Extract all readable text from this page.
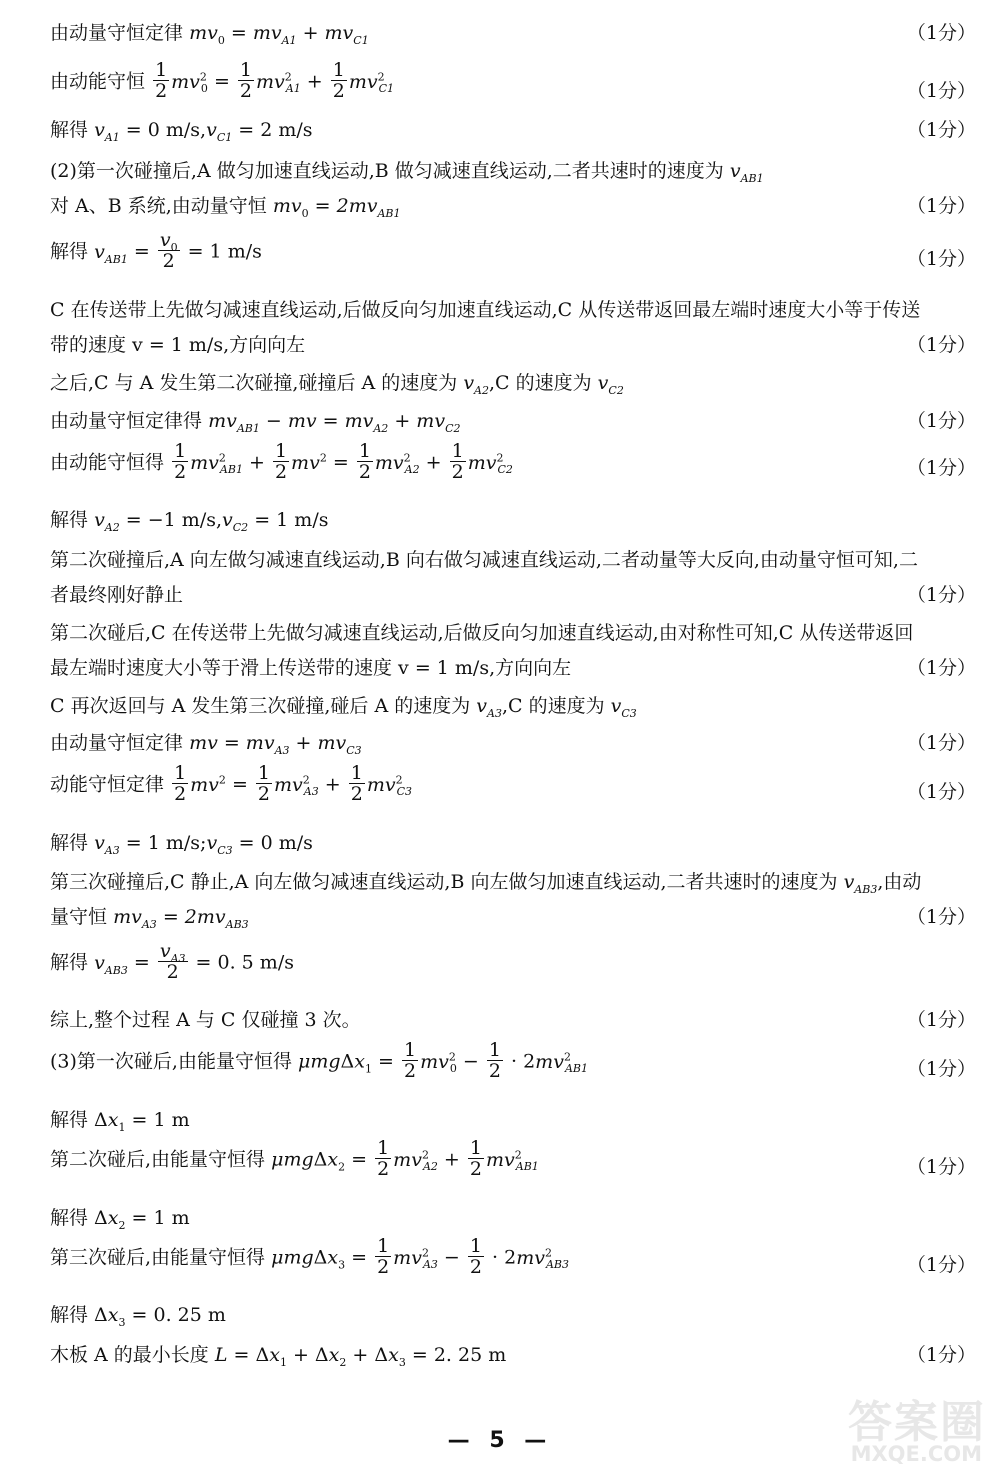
由动量守恒定律 $mv_0 = mv_{A1} + mv_{C1}$	（1分）
由动能守恒 $\frac{1}{2} mv^2_0 = \frac{1}{2} mv^2_{A1} + \frac{1}{2} mv^2_{C1}$	（1分）
解得 $v_{A1} = 0$ $m/s,v_{C1} = 2$ m/s	（1分）
(2)第一次碰撞后,A 做匀加速直线运动,B 做匀减速直线运动,二者共速时的速度为 $v_{AB1}$
对 A、B 系统,由动量守恒 $mv_0 = 2mv_{AB1}$	（1分）
解得 $v_{AB1} = \frac{v_0}{2} = 1$ m/s	（1分）
C 在传送带上先做匀减速直线运动,后做反向匀加速直线运动,C 从传送带返回最左端时速度大小等于传送
带的速度 v = 1 m/s,方向向左	（1分）
之后,C 与 A 发生第二次碰撞,碰撞后 A 的速度为 $v_{A2},C$ 的速度为 $v_{C2}$
由动量守恒定律得 $mv_{AB1}$ − mv = $mv_{A2} + mv_{C2}$	（1分）
由动能守恒得 $\frac{1}{2} mv^2_{AB1} + \frac{1}{2} mv^2 = \frac{1}{2} mv^2_{A2} + \frac{1}{2} mv^2_{C2}$	（1分）
解得 $v_{A2} = -1$ $m/s,v_{C2} = 1$ m/s
第二次碰撞后,A 向左做匀减速直线运动,B 向右做匀减速直线运动,二者动量等大反向,由动量守恒可知,二
者最终刚好静止	（1分）
第二次碰后,C 在传送带上先做匀减速直线运动,后做反向匀加速直线运动,由对称性可知,C 从传送带返回
最左端时速度大小等于滑上传送带的速度 v = 1 m/s,方向向左	（1分）
C 再次返回与 A 发生第三次碰撞,碰后 A 的速度为 $v_{A3},C$ 的速度为 $v_{C3}$
由动量守恒定律 mv = $mv_{A3} + mv_{C3}$	（1分）
动能守恒定律 $\frac{1}{2} mv^2 = \frac{1}{2} mv^2_{A3} + \frac{1}{2} mv^2_{C3}$	（1分）
解得 $v_{A3} = 1$ $m/s;v_{C3} = 0$ m/s
第三次碰撞后,C 静止,A 向左做匀减速直线运动,B 向左做匀加速直线运动,二者共速时的速度为 $v_{AB3}$,由动
量守恒 $mv_{A3} = 2mv_{AB3}$	（1分）
解得 $v_{AB3} = \frac{v_{A3}}{2} = 0$. 5 m/s
综上,整个过程 A 与 C 仅碰撞 3 次。	（1分）
(3)第一次碰后,由能量守恒得 $\mu mg\Delta x_1 = \frac{1}{2} mv^2_0 - \frac{1}{2} \cdot 2mv^2_{AB1}$	（1分）
解得 $\Delta x_1 = 1$ m
第二次碰后,由能量守恒得 $\mu mg\Delta x_2 = \frac{1}{2} mv^2_{A2} + \frac{1}{2} mv^2_{AB1}$	（1分）
解得 $\Delta x_2 = 1$ m
第三次碰后,由能量守恒得 $\mu mg\Delta x_3 = \frac{1}{2} mv^2_{A3} - \frac{1}{2} \cdot 2mv^2_{AB3}$	（1分）
解得 $\Delta x_3 = 0$. 25 m
木板 A 的最小长度 $L = \Delta x_1 + \Delta x_2 + \Delta x_3 = 2$. 25 m	（1分）
— 5 —	答案圈
MXQE.COM
